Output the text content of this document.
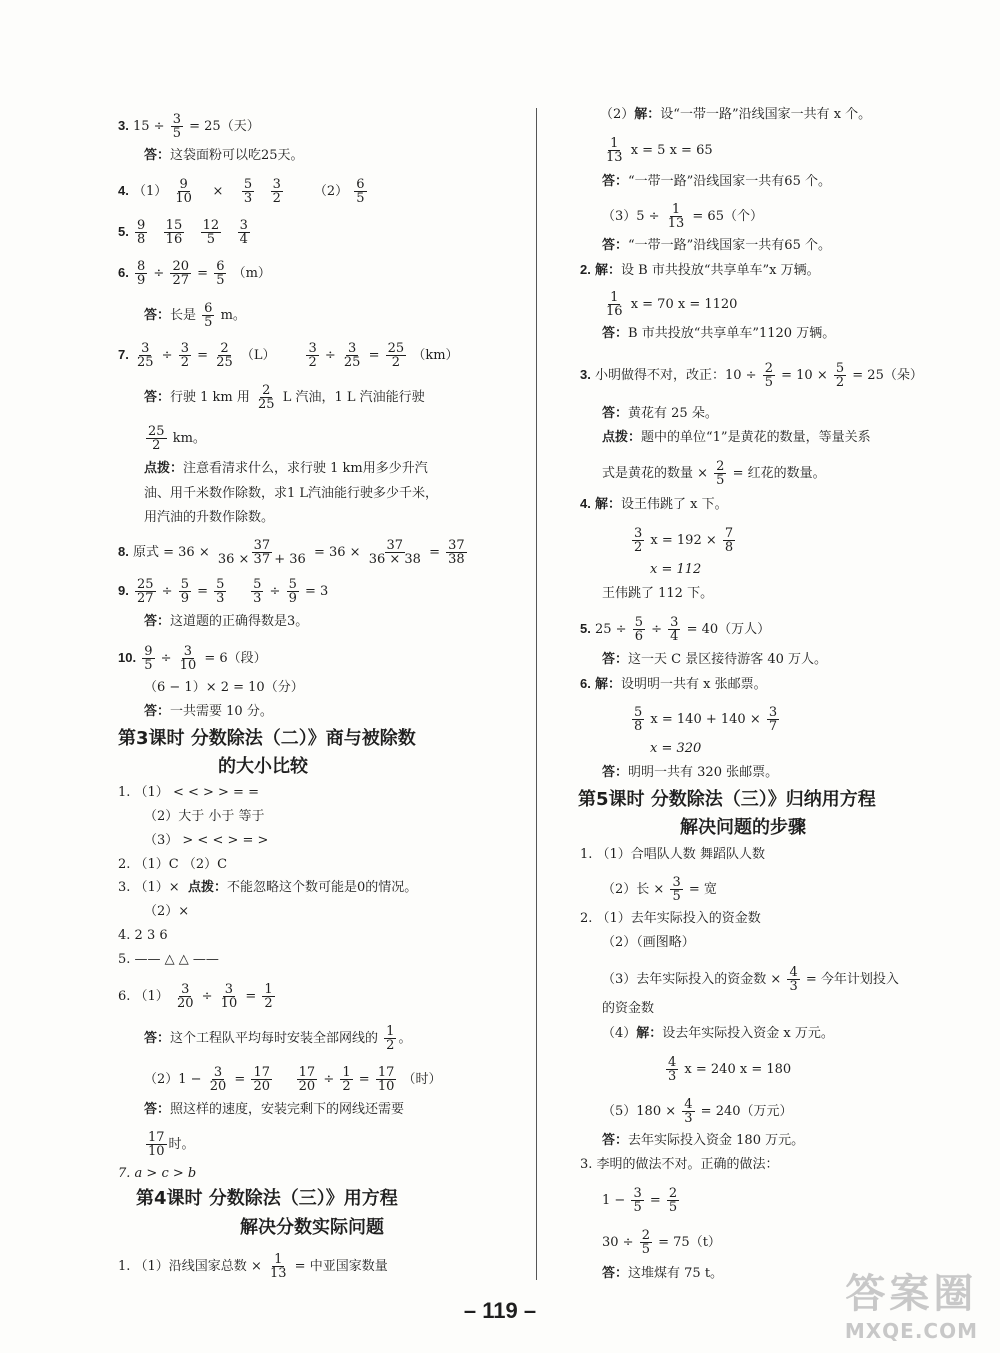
3. $15 \div \frac{3}{5} = 25$（天）
答：这袋面粉可以吃25天。
4. $(1) \frac{9}{10} \times \frac{5}{3}$
$\frac{3}{2} (2) \frac{6}{5}$
5. $\frac{9}{8}$
$\frac{15}{16}$
$\frac{12}{5}$
$\frac{3}{4}$
6. $\frac{8}{9} \div \frac{20}{27} = \frac{6}{5} (m)$
答：长是 $\frac{6}{5}$ m。
7. $\frac{3}{25} \div \frac{3}{2} = \frac{2}{25} (L) \frac{3}{2} \div \frac{3}{25} = \frac{25}{2} (km)$
答：行驶 1 km 用 $\frac{2}{25}$ L 汽油，1 L 汽油能行驶
$\frac{25}{2}$ km。
点拨：注意看清求什么，求行驶 1 km用多少升汽
油、用千米数作除数，求1 L汽油能行驶多少千米，
用汽油的升数作除数。
8. 原式 = $36 \times \frac{37}{36 \times 37 + 36} = 36 \times \frac{37}{36 \times 38} = \frac{37}{38}$
9. $\frac{25}{27} \div \frac{5}{9} = \frac{5}{3}$
$\frac{5}{3} \div \frac{5}{9} = 3$
答：这道题的正确得数是3。
10. $\frac{9}{5} \div \frac{3}{10} = 6$（段）
（6 − 1）× 2 = 10（分）
答：一共需要 10 分。
第3课时 分数除法（二）》商与被除数
的大小比较
1. （1） < < > > = =
（2）大于 小于 等于
（3） > < < > = >
2. （1）C （2）C
3. （1）× 点拨：不能忽略这个数可能是0的情况。
（2）×
4. 2 3 6
5. —— △ △ ——
6. $(1) \frac{3}{20} \div \frac{3}{10} = \frac{1}{2}$
答：这个工程队平均每时安装全部网线的 $\frac{1}{2}$ 。
$(2)1 - \frac{3}{20} = \frac{17}{20}$
$\frac{17}{20} \div \frac{1}{2} = \frac{17}{10}$ （时）
答：照这样的速度，安装完剩下的网线还需要
$\frac{17}{10}$ 时。
7. a > c > b
第4课时 分数除法（三）》用方程
解决分数实际问题
1. （1）沿线国家总数 × $\frac{1}{13}$ = 中亚国家数量
（2）解：设“一带一路”沿线国家一共有 x 个。
$\frac{1}{13}$ x = 5 x = 65
答：“一带一路”沿线国家一共有65 个。
$(3)5 \div \frac{1}{13} = 65$（个）
答：“一带一路”沿线国家一共有65 个。
2. 解：设 B 市共投放“共享单车”x 万辆。
$\frac{1}{16}$ x = 70 x = 1120
答：B 市共投放“共享单车”1120 万辆。
3. 小明做得不对，改正：$10 \div \frac{2}{5} = 10 \times \frac{5}{2} = 25$（朵）
答：黄花有 25 朵。
点拨：题中的单位“1”是黄花的数量，等量关系
式是黄花的数量 × $\frac{2}{5}$ = 红花的数量。
4. 解：设王伟跳了 x 下。
$\frac{3}{2}$ $x = 192 \times \frac{7}{8}$
x = 112
王伟跳了 112 下。
5. $25 \div \frac{5}{6} \div \frac{3}{4} = 40$（万人）
答：这一天 C 景区接待游客 40 万人。
6. 解：设明明一共有 x 张邮票。
$\frac{5}{8}$ $x = 140 + 140 \times \frac{3}{7}$
x = 320
答：明明一共有 320 张邮票。
第5课时 分数除法（三）》归纳用方程
解决问题的步骤
1. （1）合唱队人数 舞蹈队人数
（2）长 × $\frac{3}{5}$ = 宽
2. （1）去年实际投入的资金数
（2）（画图略）
（3）去年实际投入的资金数 × $\frac{4}{3}$ = 今年计划投入
的资金数
（4）解：设去年实际投入资金 x 万元。
$\frac{4}{3}$ x = 240 x = 180
$(5)180 \times \frac{4}{3} = 240$（万元）
答：去年实际投入资金 180 万元。
3. 李明的做法不对。正确的做法：
$1 - \frac{3}{5} = \frac{2}{5}$
$30 \div \frac{2}{5} = 75(t)$
答：这堆煤有 75 t。
– 119 –	答案圈
MXQE.COM
